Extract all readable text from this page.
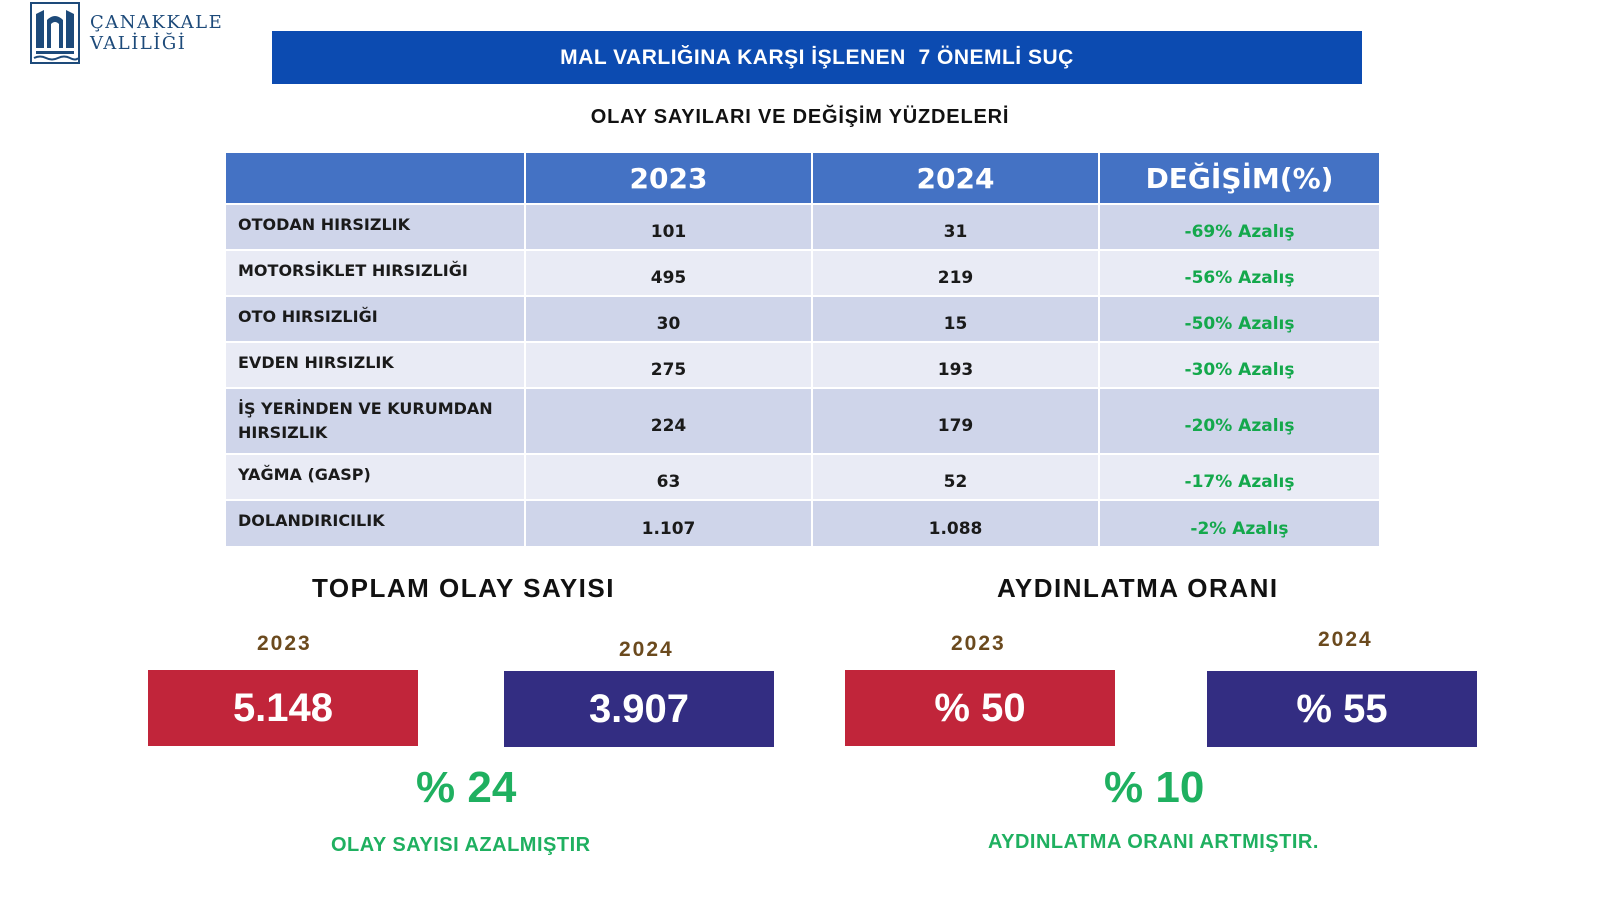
ÇANAKKALE
VALİLİĞİ
MAL VARLIĞINA KARŞI İŞLENEN  7 ÖNEMLİ SUÇ
OLAY SAYILARI VE DEĞİŞİM YÜZDELERİ
	2023	2024	DEĞİŞİM(%)
OTODAN HIRSIZLIK	101	31	-69% Azalış
MOTORSİKLET HIRSIZLIĞI	495	219	-56% Azalış
OTO HIRSIZLIĞI	30	15	-50% Azalış
EVDEN HIRSIZLIK	275	193	-30% Azalış
İŞ YERİNDEN VE KURUMDAN HIRSIZLIK	224	179	-20% Azalış
YAĞMA (GASP)	63	52	-17% Azalış
DOLANDIRICILIK	1.107	1.088	-2% Azalış
TOPLAM OLAY SAYISI
2023	2024
5.148	3.907
% 24
OLAY SAYISI AZALMIŞTIR
AYDINLATMA ORANI
2023	2024
% 50	% 55
% 10
AYDINLATMA ORANI ARTMIŞTIR.
